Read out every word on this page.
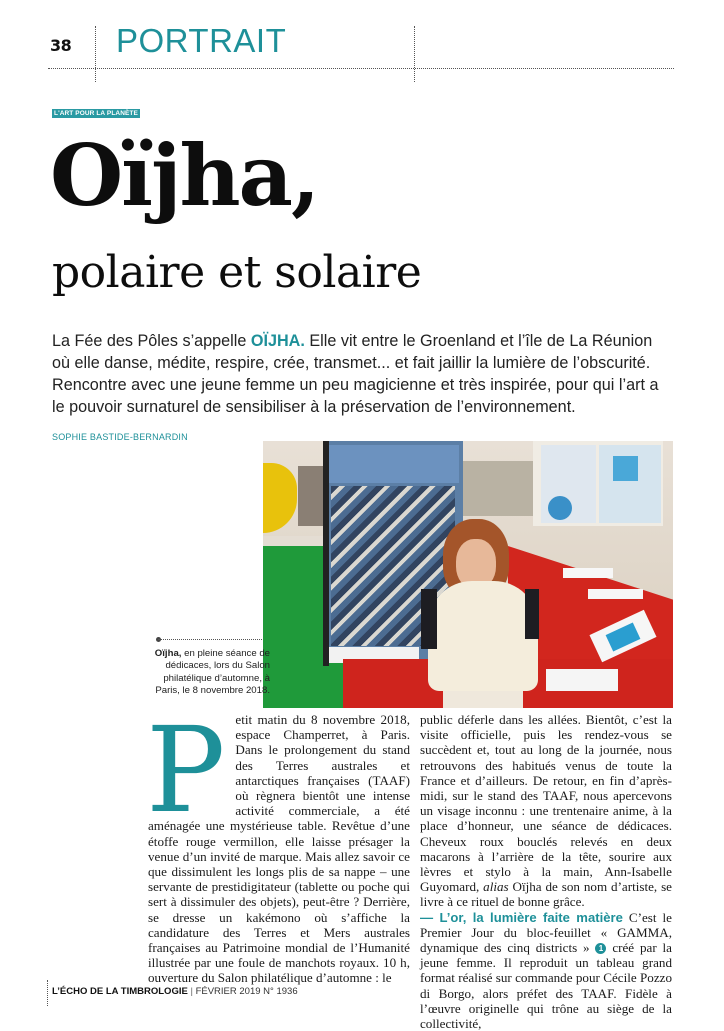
38 PORTRAIT
L'ART POUR LA PLANÈTE
Oïjha,
polaire et solaire
La Fée des Pôles s’appelle OÏJHA. Elle vit entre le Groenland et l’île de La Réunion où elle danse, médite, respire, crée, transmet... et fait jaillir la lumière de l’obscurité. Rencontre avec une jeune femme un peu magicienne et très inspirée, pour qui l’art a le pouvoir surnaturel de sensibiliser à la préservation de l’environnement.
SOPHIE BASTIDE-BERNARDIN
Oïjha, en pleine séance de dédicaces, lors du Salon philatélique d’automne, à Paris, le 8 novembre 2018.
Petit matin du 8 novembre 2018, espace Champerret, à Paris. Dans le prolongement du stand des Terres australes et antarctiques françaises (TAAF) où règnera bientôt une intense activité commerciale, a été aménagée une mystérieuse table. Revêtue d’une étoffe rouge vermillon, elle laisse présager la venue d’un invité de marque. Mais allez savoir ce que dissimulent les longs plis de sa nappe – une servante de prestidigitateur (tablette ou poche qui sert à dissimuler des objets), peut-être ? Derrière, se dresse un kakémono où s’affiche la candidature des Terres et Mers australes françaises au Patrimoine mondial de l’Humanité illustrée par une foule de manchots royaux. 10 h, ouverture du Salon philatélique d’automne : le
public déferle dans les allées. Bientôt, c’est la visite officielle, puis les rendez-vous se succèdent et, tout au long de la journée, nous retrouvons des habitués venus de toute la France et d’ailleurs. De retour, en fin d’après-midi, sur le stand des TAAF, nous apercevons un visage inconnu : une trentenaire anime, à la place d’honneur, une séance de dédicaces. Cheveux roux bouclés relevés en deux macarons à l’arrière de la tête, sourire aux lèvres et stylo à la main, Ann-Isabelle Guyomard, alias Oïjha de son nom d’artiste, se livre à ce rituel de bonne grâce.
— L’or, la lumière faite matière C’est le Premier Jour du bloc-feuillet « GAMMA, dynamique des cinq districts » 1 créé par la jeune femme. Il reproduit un tableau grand format réalisé sur commande pour Cécile Pozzo di Borgo, alors préfet des TAAF. Fidèle à l’œuvre originelle qui trône au siège de la collectivité,
L’ÉCHO DE LA TIMBROLOGIE | FÉVRIER 2019 N° 1936
